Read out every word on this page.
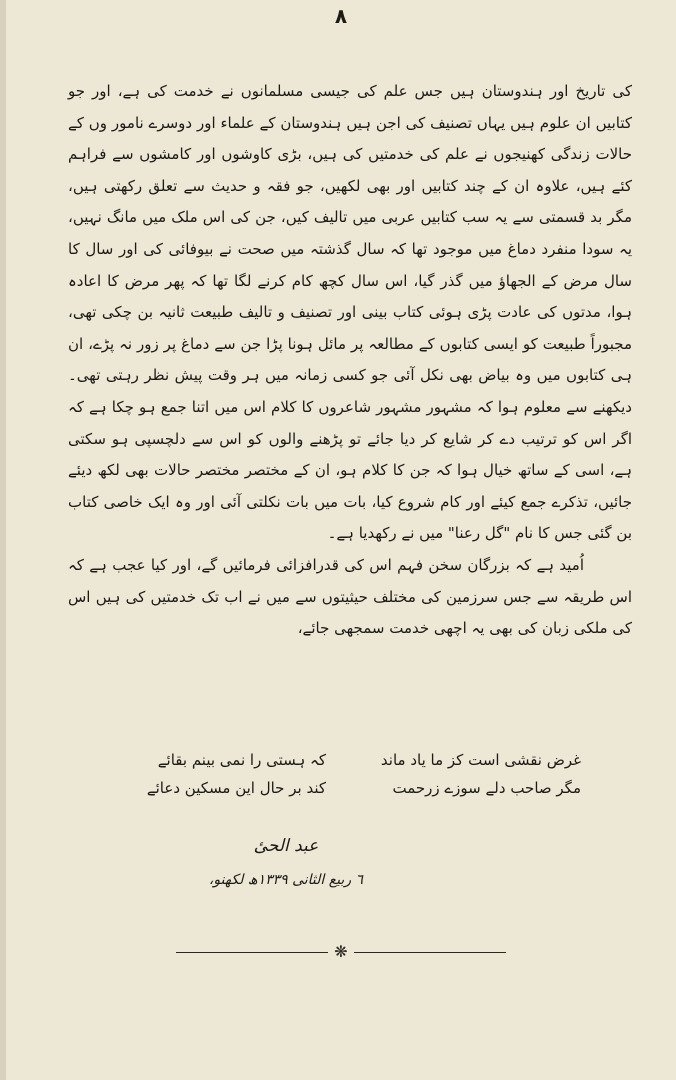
٨

کی تاریخ اور ہندوستان ہیں جس علم کی جیسی مسلمانوں نے خدمت کی ہے، اور جو کتابیں ان علوم ہیں یہاں تصنیف کی اجن ہیں ہندوستان کے علماء اور دوسرے نامور وں کے حالات زندگی کھنیجوں نے علم کی خدمتیں کی ہیں، بڑی کاوشوں اور کامشوں سے فراہم کئے ہیں، علاوہ ان کے چند کتابیں اور بھی لکھیں، جو فقہ و حدیث سے تعلق رکھتی ہیں، مگر بد قسمتی سے یہ سب کتابیں عربی میں تالیف کیں، جن کی اس ملک میں مانگ نہیں، یہ سودا منفرد دماغ میں موجود تھا کہ سال گذشتہ میں صحت نے بیوفائی کی اور سال کا سال مرض کے الجھاؤ میں گذر گیا، اس سال کچھ کام کرنے لگا تھا کہ پھر مرض کا اعادہ ہوا، مدتوں کی عادت پڑی ہوئی کتاب بینی اور تصنیف و تالیف طبیعت ثانیہ بن چکی تھی، مجبوراً طبیعت کو ایسی کتابوں کے مطالعہ پر مائل ہونا پڑا جن سے دماغ پر زور نہ پڑے، ان ہی کتابوں میں وہ بیاض بھی نکل آئی جو کسی زمانہ میں ہر وقت پیش نظر رہتی تھی۔ دیکھنے سے معلوم ہوا کہ مشہور مشہور شاعروں کا کلام اس میں اتنا جمع ہو چکا ہے کہ اگر اس کو ترتیب دے کر شایع کر دیا جائے تو پڑھنے والوں کو اس سے دلچسپی ہو سکتی ہے، اسی کے ساتھ خیال ہوا کہ جن کا کلام ہو، ان کے مختصر مختصر حالات بھی لکھ دیئے جائیں، تذکرے جمع کیئے اور کام شروع کیا، بات میں بات نکلتی آئی اور وہ ایک خاصی کتاب بن گئی جس کا نام "گل رعنا" میں نے رکھدیا ہے۔

اُمید ہے کہ بزرگان سخن فہم اس کی قدرافزائی فرمائیں گے، اور کیا عجب ہے کہ اس طریقہ سے جس سرزمین کی مختلف حیثیتوں سے میں نے اب تک خدمتیں کی ہیں اس کی ملکی زبان کی بھی یہ اچھی خدمت سمجھی جائے،

غرض نقشی است کز ما یاد ماند
کہ ہستی را نمی بینم بقائے
مگر صاحب دلے سوزے زرحمت
کند بر حال این مسکین دعائے
عبد الحیٔ
٦ ربیع الثانی ١٣٣٩ھ لکھنو،
❋
